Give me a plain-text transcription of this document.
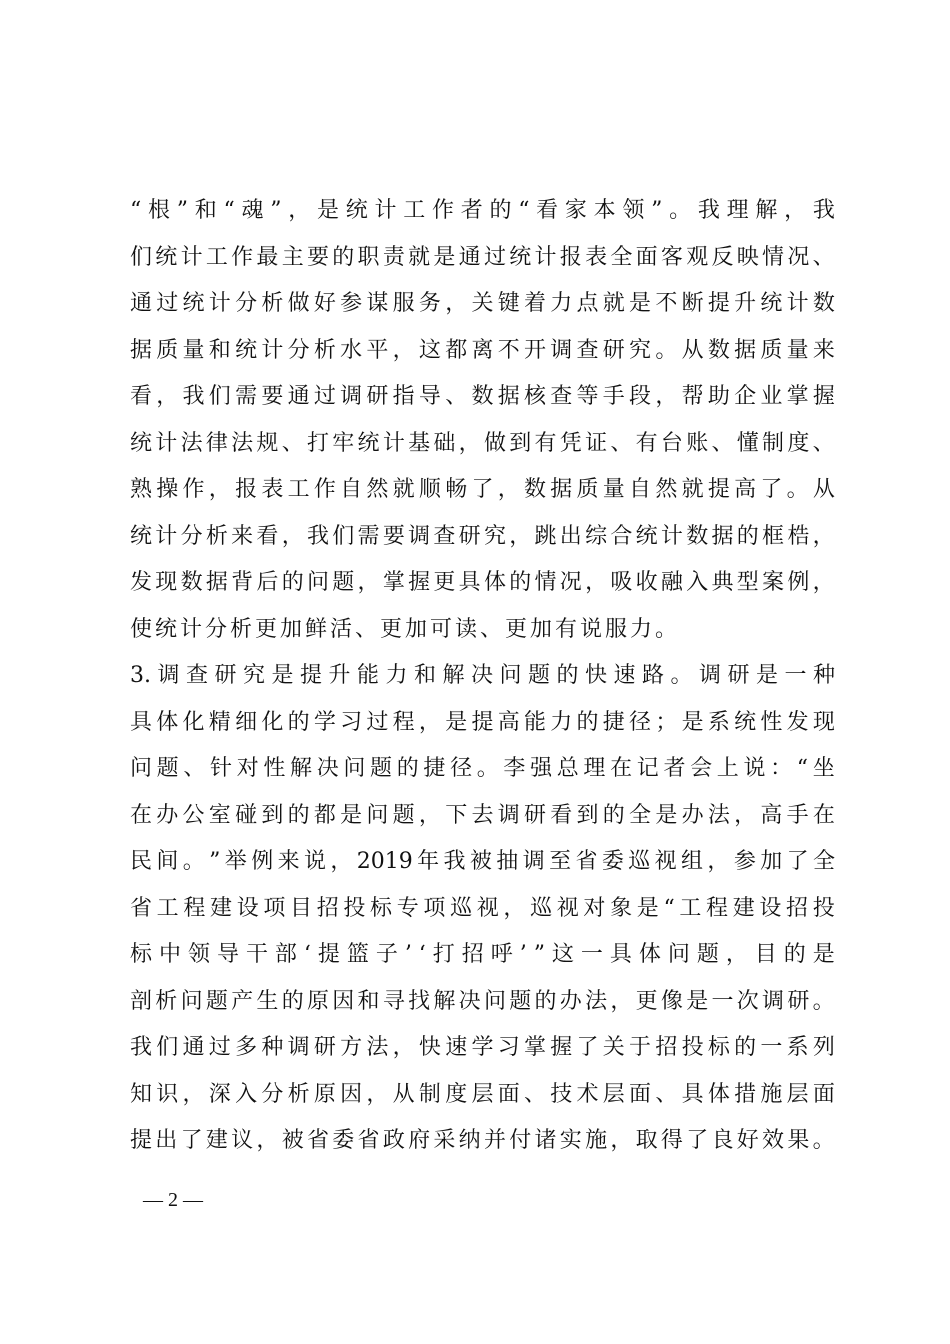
“ 根 ” 和 “ 魂 ” ， 是 统 计 工 作 者 的 “ 看 家 本 领 ” 。 我 理 解 ， 我
们 统 计 工 作 最 主 要 的 职 责 就 是 通 过 统 计 报 表 全 面 客 观 反 映 情 况 、
通 过 统 计 分 析 做 好 参 谋 服 务 ， 关 键 着 力 点 就 是 不 断 提 升 统 计 数
据 质 量 和 统 计 分 析 水 平 ， 这 都 离 不 开 调 查 研 究 。 从 数 据 质 量 来
看 ， 我 们 需 要 通 过 调 研 指 导 、 数 据 核 查 等 手 段 ， 帮 助 企 业 掌 握
统 计 法 律 法 规 、 打 牢 统 计 基 础 ， 做 到 有 凭 证 、 有 台 账 、 懂 制 度 、
熟 操 作 ， 报 表 工 作 自 然 就 顺 畅 了 ， 数 据 质 量 自 然 就 提 高 了 。 从
统 计 分 析 来 看 ， 我 们 需 要 调 查 研 究 ， 跳 出 综 合 统 计 数 据 的 框 梏 ，
发 现 数 据 背 后 的 问 题 ， 掌 握 更 具 体 的 情 况 ， 吸 收 融 入 典 型 案 例 ，
使统计分析更加鲜活、更加可读、更加有说服力。
3. 调 查 研 究 是 提 升 能 力 和 解 决 问 题 的 快 速 路 。 调 研 是 一 种
具 体 化 精 细 化 的 学 习 过 程 ， 是 提 高 能 力 的 捷 径 ； 是 系 统 性 发 现
问 题 、 针 对 性 解 决 问 题 的 捷 径 。 李 强 总 理 在 记 者 会 上 说 ： “ 坐
在 办 公 室 碰 到 的 都 是 问 题 ， 下 去 调 研 看 到 的 全 是 办 法 ， 高 手 在
民 间 。 ” 举 例 来 说 ， 2019 年 我 被 抽 调 至 省 委 巡 视 组 ， 参 加 了 全
省 工 程 建 设 项 目 招 投 标 专 项 巡 视 ， 巡 视 对 象 是 “ 工 程 建 设 招 投
标 中 领 导 干 部 ‘ 提 篮 子 ’ ‘ 打 招 呼 ’ ” 这 一 具 体 问 题 ， 目 的 是
剖 析 问 题 产 生 的 原 因 和 寻 找 解 决 问 题 的 办 法 ， 更 像 是 一 次 调 研 。
我 们 通 过 多 种 调 研 方 法 ， 快 速 学 习 掌 握 了 关 于 招 投 标 的 一 系 列
知 识 ， 深 入 分 析 原 因 ， 从 制 度 层 面 、 技 术 层 面 、 具 体 措 施 层 面
提 出 了 建 议 ， 被 省 委 省 政 府 采 纳 并 付 诸 实 施 ， 取 得 了 良 好 效 果 。
— 2 —
